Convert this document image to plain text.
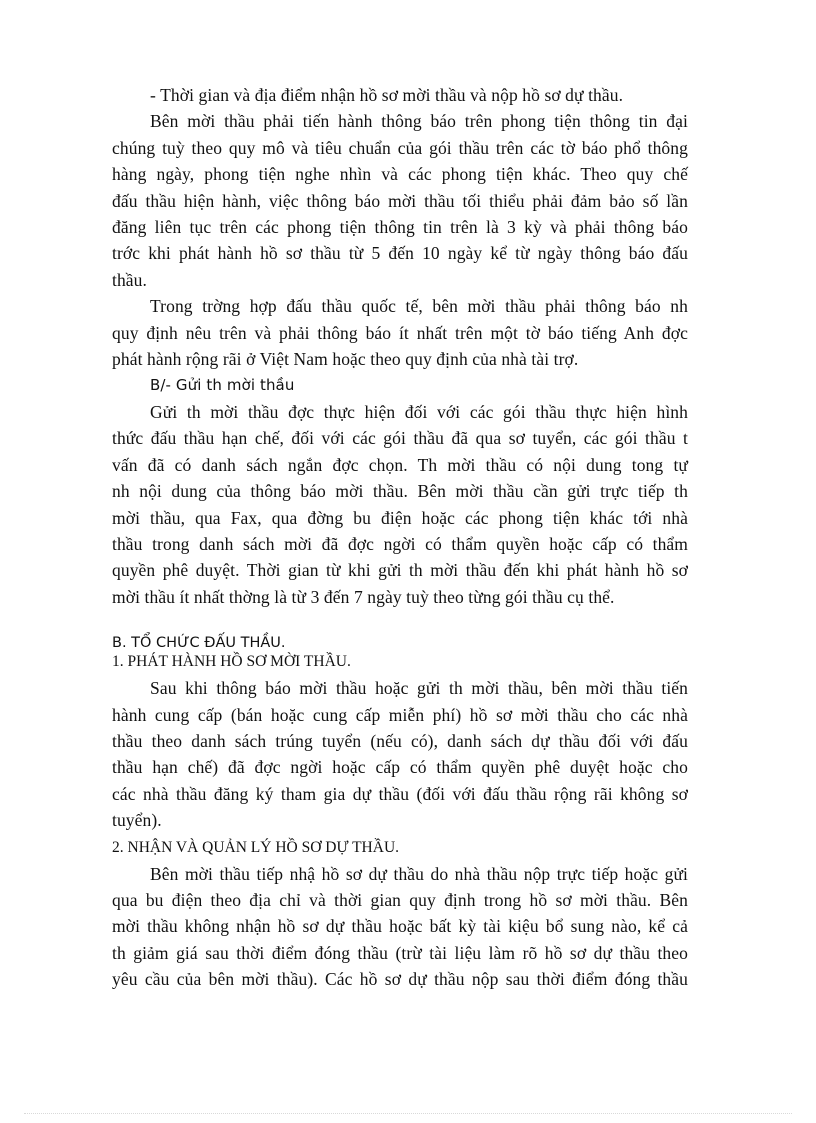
- Thời gian và địa điểm nhận hồ sơ mời thầu và nộp hồ sơ dự thầu.

Bên mời thầu phải tiến hành thông báo trên phong tiện thông tin đại

chúng tuỳ theo quy mô và tiêu chuẩn của gói thầu trên các tờ báo phổ thông

hàng ngày, phong tiện nghe nhìn và các phong tiện khác. Theo quy chế

đấu thầu hiện hành, việc thông báo mời thầu tối thiểu phải đảm bảo số lần

đăng liên tục trên các phong tiện thông tin trên là 3 kỳ và phải thông báo

trớc khi phát hành hồ sơ thầu từ 5 đến 10 ngày kể từ ngày thông báo đấu

thầu.

Trong trờng hợp đấu thầu quốc tế, bên mời thầu phải thông báo nh

quy định nêu trên và phải thông báo ít nhất trên một tờ báo tiếng Anh đợc

phát hành rộng rãi ở Việt Nam hoặc theo quy định của nhà tài trợ.

B/- Gửi th mời thầu

Gửi th mời thầu đợc thực hiện đối với các gói thầu thực hiện hình

thức đấu thầu hạn chế, đối với các gói thầu đã qua sơ tuyển, các gói thầu t

vấn đã có danh sách ngắn đợc chọn. Th mời thầu có nội dung tong tự

nh nội dung của thông báo mời thầu. Bên mời thầu cần gửi trực tiếp th

mời thầu, qua Fax, qua đờng bu điện hoặc các phong tiện khác tới nhà

thầu trong danh sách mời đã đợc ngời có thẩm quyền hoặc cấp có thẩm

quyền phê duyệt. Thời gian từ khi gửi th mời thầu đến khi phát hành hồ sơ

mời thầu ít nhất thờng là từ 3 đến 7 ngày tuỳ theo từng gói thầu cụ thể.

B. TỔ CHỨC ĐẤU THẦU.

1. PHÁT HÀNH HỒ SƠ MỜI THẦU.

Sau khi thông báo mời thầu hoặc gửi th mời thầu, bên mời thầu tiến

hành cung cấp (bán hoặc cung cấp miễn phí) hồ sơ mời thầu cho các nhà

thầu theo danh sách trúng tuyển (nếu có), danh sách dự thầu đối với đấu

thầu hạn chế) đã đợc ngời hoặc cấp có thẩm quyền phê duyệt hoặc cho

các nhà thầu đăng ký tham gia dự thầu (đối với đấu thầu rộng rãi không sơ

tuyển).

2. NHẬN VÀ QUẢN LÝ HỒ SƠ DỰ THẦU.

Bên mời thầu tiếp nhậ hồ sơ dự thầu do nhà thầu nộp trực tiếp hoặc gửi

qua bu điện theo địa chỉ và thời gian quy định trong hồ sơ mời thầu. Bên

mời thầu không nhận hồ sơ dự thầu hoặc bất kỳ tài kiệu bổ sung nào, kể cả

th giảm giá sau thời điểm đóng thầu (trừ tài liệu làm rõ hồ sơ dự thầu theo

yêu cầu của bên mời thầu). Các hồ sơ dự thầu nộp sau thời điểm đóng thầu
